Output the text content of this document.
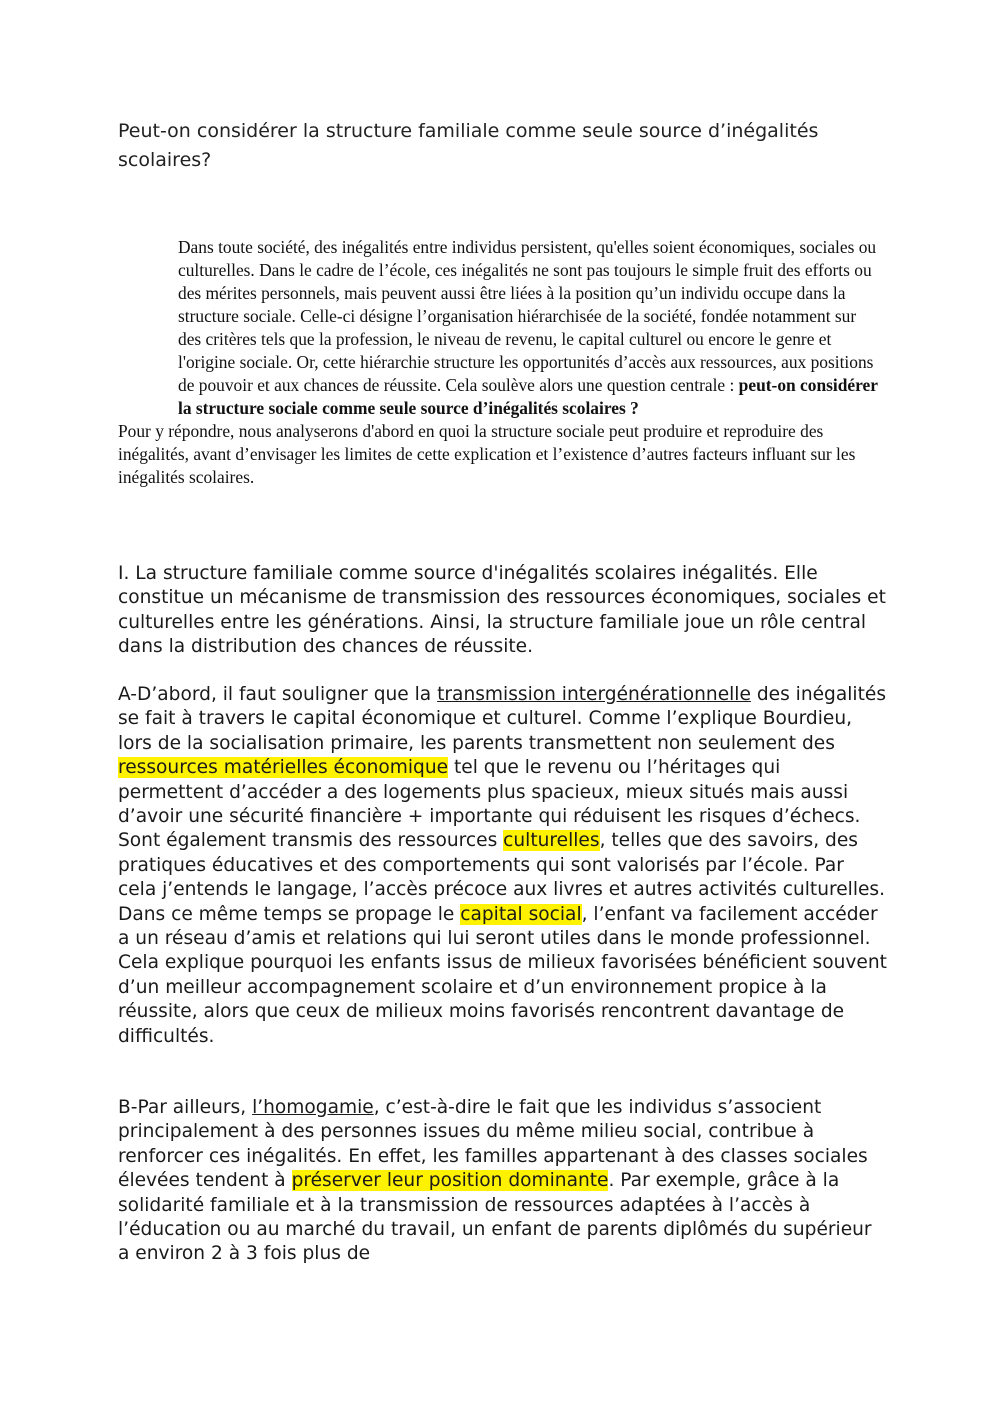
Peut-on considérer la structure familiale comme seule source d’inégalités scolaires?

Dans toute société, des inégalités entre individus persistent, qu'elles soient économiques, sociales ou culturelles. Dans le cadre de l’école, ces inégalités ne sont pas toujours le simple fruit des efforts ou des mérites personnels, mais peuvent aussi être liées à la position qu’un individu occupe dans la structure sociale. Celle-ci désigne l’organisation hiérarchisée de la société, fondée notamment sur des critères tels que la profession, le niveau de revenu, le capital culturel ou encore le genre et l'origine sociale. Or, cette hiérarchie structure les opportunités d’accès aux ressources, aux positions de pouvoir et aux chances de réussite. Cela soulève alors une question centrale : peut-on considérer la structure sociale comme seule source d’inégalités scolaires ?

Pour y répondre, nous analyserons d'abord en quoi la structure sociale peut produire et reproduire des inégalités, avant d’envisager les limites de cette explication et l’existence d’autres facteurs influant sur les inégalités scolaires.

I. La structure familiale comme source d'inégalités scolaires inégalités. Elle constitue un mécanisme de transmission des ressources économiques, sociales et culturelles entre les générations. Ainsi, la structure familiale joue un rôle central dans la distribution des chances de réussite.

A-D’abord, il faut souligner que la transmission intergénérationnelle des inégalités se fait à travers le capital économique et culturel. Comme l’explique Bourdieu, lors de la socialisation primaire, les parents transmettent non seulement des ressources matérielles économique tel que le revenu ou l’héritages qui permettent d’accéder a des logements plus spacieux, mieux situés mais aussi d’avoir une sécurité financière + importante qui réduisent les risques d’échecs. Sont également transmis des ressources culturelles, telles que des savoirs, des pratiques éducatives et des comportements qui sont valorisés par l’école. Par cela j’entends le langage, l’accès précoce aux livres et autres activités culturelles.
Dans ce même temps se propage le capital social, l’enfant va facilement accéder a un réseau d’amis et relations qui lui seront utiles dans le monde professionnel. Cela explique pourquoi les enfants issus de milieux favorisées bénéficient souvent d’un meilleur accompagnement scolaire et d’un environnement propice à la réussite, alors que ceux de milieux moins favorisés rencontrent davantage de difficultés.
B-Par ailleurs, l’homogamie, c’est-à-dire le fait que les individus s’associent principalement à des personnes issues du même milieu social, contribue à renforcer ces inégalités. En effet, les familles appartenant à des classes sociales élevées tendent à préserver leur position dominante. Par exemple, grâce à la solidarité familiale et à la transmission de ressources adaptées à l’accès à l’éducation ou au marché du travail, un enfant de parents diplômés du supérieur a environ 2 à 3 fois plus de
